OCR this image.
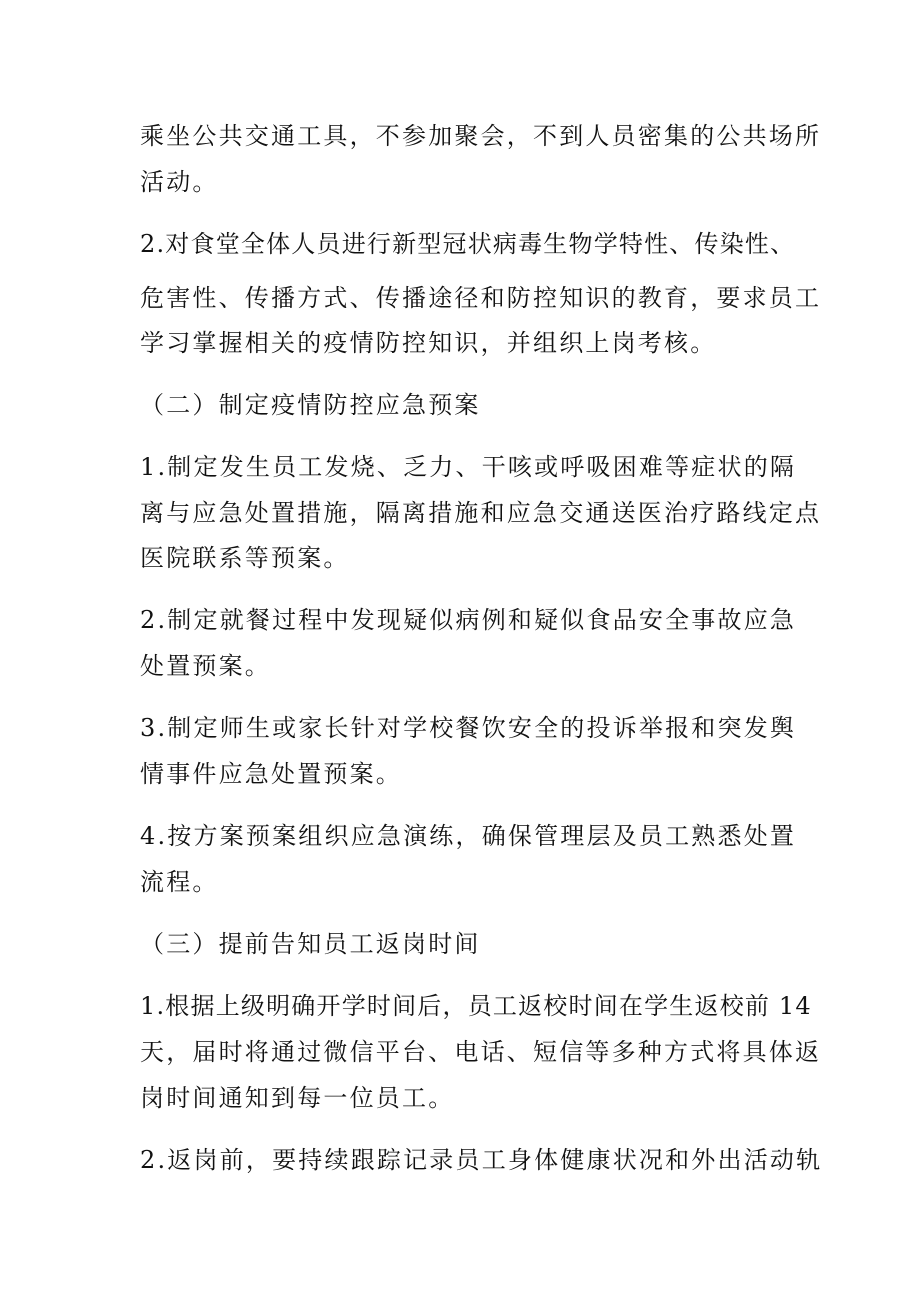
乘坐公共交通工具，不参加聚会，不到人员密集的公共场所
活动。
2.对食堂全体人员进行新型冠状病毒生物学特性、传染性、
危害性、传播方式、传播途径和防控知识的教育，要求员工
学习掌握相关的疫情防控知识，并组织上岗考核。
（二）制定疫情防控应急预案
1.制定发生员工发烧、乏力、干咳或呼吸困难等症状的隔
离与应急处置措施，隔离措施和应急交通送医治疗路线定点
医院联系等预案。
2.制定就餐过程中发现疑似病例和疑似食品安全事故应急
处置预案。
3.制定师生或家长针对学校餐饮安全的投诉举报和突发舆
情事件应急处置预案。
4.按方案预案组织应急演练，确保管理层及员工熟悉处置
流程。
（三）提前告知员工返岗时间
1.根据上级明确开学时间后，员工返校时间在学生返校前 14
天，届时将通过微信平台、电话、短信等多种方式将具体返
岗时间通知到每一位员工。
2.返岗前，要持续跟踪记录员工身体健康状况和外出活动轨
